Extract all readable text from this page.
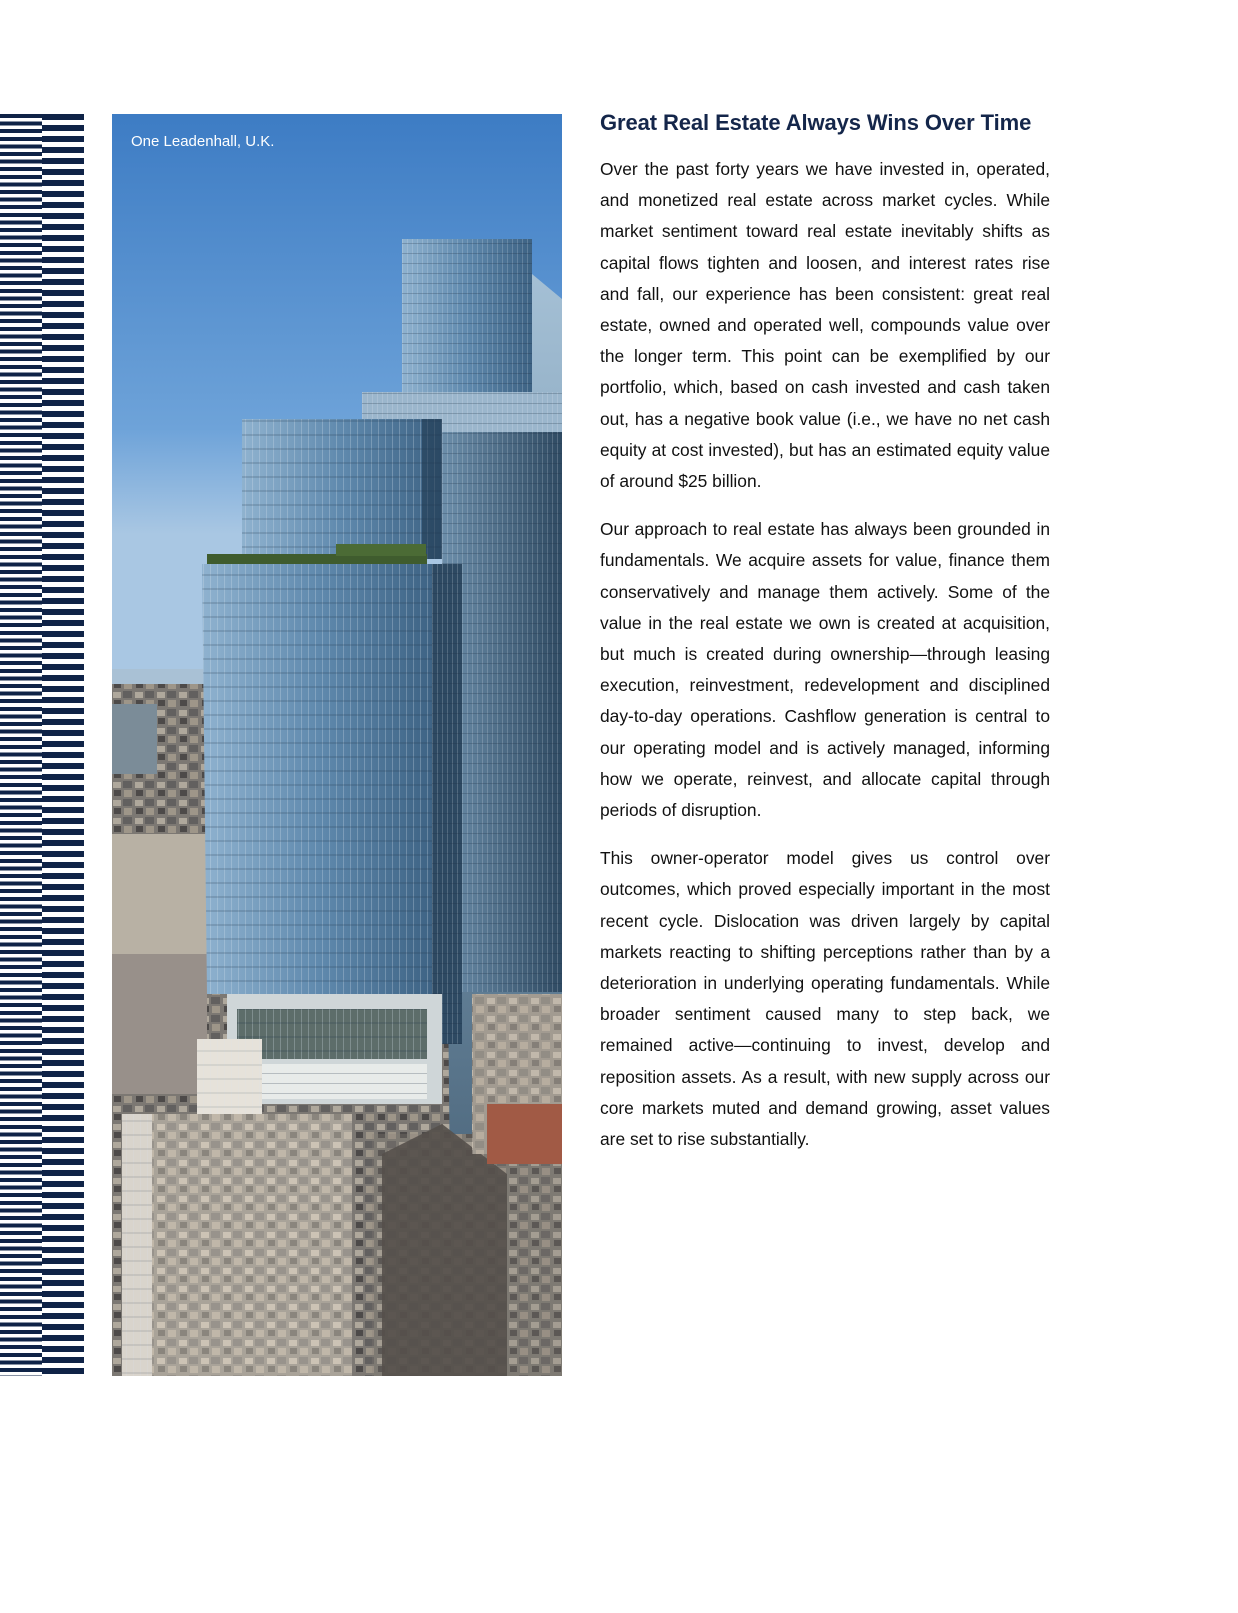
One Leadenhall, U.K.
Great Real Estate Always Wins Over Time

Over the past forty years we have invested in, operated, and monetized real estate across market cycles. While market sentiment toward real estate inevitably shifts as capital flows tighten and loosen, and interest rates rise and fall, our experience has been consistent: great real estate, owned and operated well, compounds value over the longer term. This point can be exemplified by our portfolio, which, based on cash invested and cash taken out, has a negative book value (i.e., we have no net cash equity at cost invested), but has an estimated equity value of around $25 billion.

Our approach to real estate has always been grounded in fundamentals. We acquire assets for value, finance them conservatively and manage them actively. Some of the value in the real estate we own is created at acquisition, but much is created during ownership—through leasing execution, reinvestment, redevelopment and disciplined day-to-day operations. Cashflow generation is central to our operating model and is actively managed, informing how we operate, reinvest, and allocate capital through periods of disruption.

This owner-operator model gives us control over outcomes, which proved especially important in the most recent cycle. Dislocation was driven largely by capital markets reacting to shifting perceptions rather than by a deterioration in underlying operating fundamentals. While broader sentiment caused many to step back, we remained active—continuing to invest, develop and reposition assets. As a result, with new supply across our core markets muted and demand growing, asset values are set to rise substantially.
